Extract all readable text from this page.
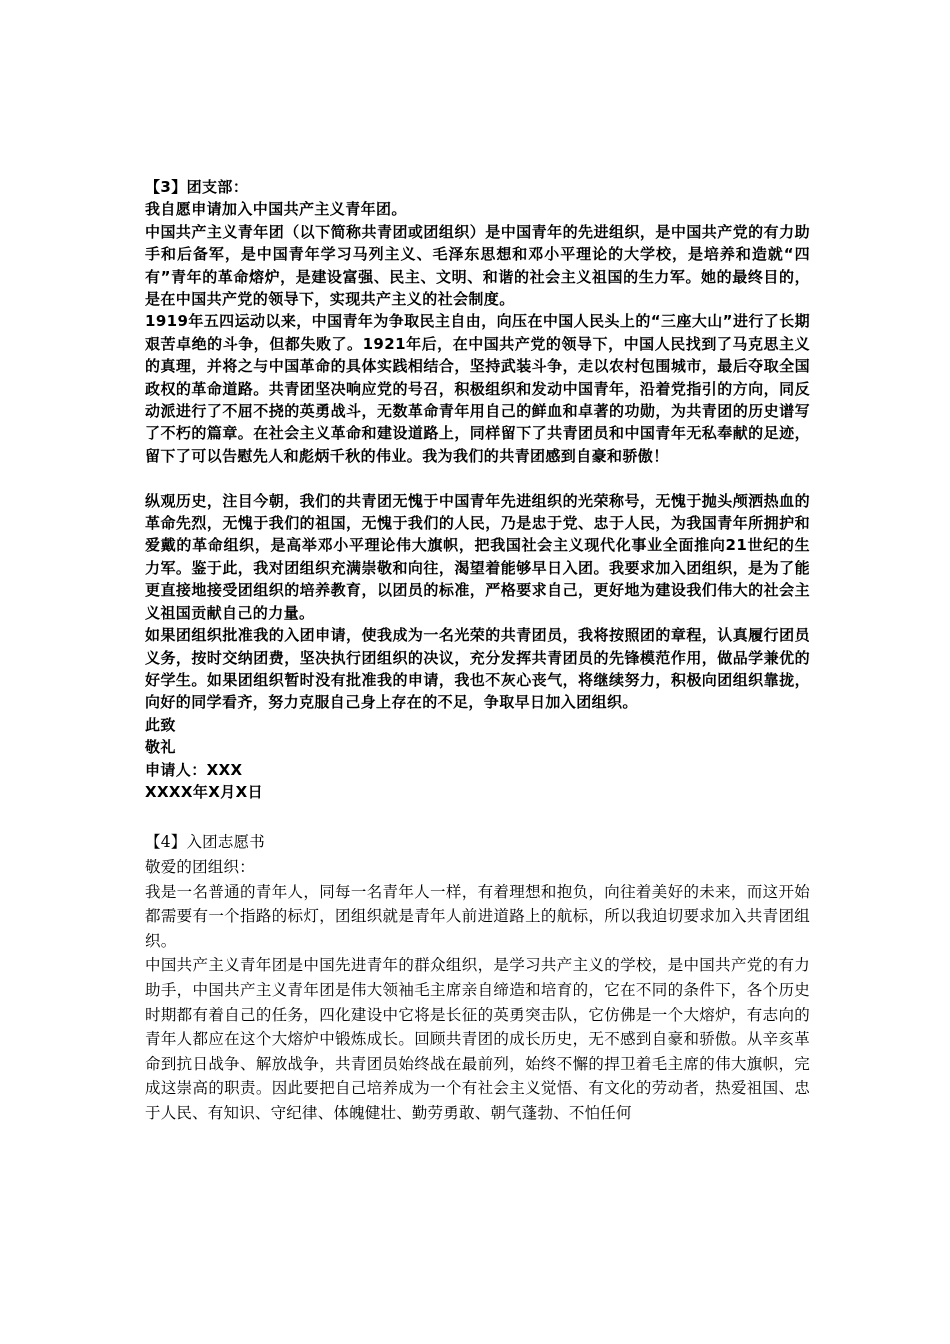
【3】团支部：

我自愿申请加入中国共产主义青年团。

中国共产主义青年团（以下简称共青团或团组织）是中国青年的先进组织，是中国共产党的有力助手和后备军，是中国青年学习马列主义、毛泽东思想和邓小平理论的大学校，是培养和造就“四有”青年的革命熔炉，是建设富强、民主、文明、和谐的社会主义祖国的生力军。她的最终目的，是在中国共产党的领导下，实现共产主义的社会制度。

1919年五四运动以来，中国青年为争取民主自由，向压在中国人民头上的“三座大山”进行了长期艰苦卓绝的斗争，但都失败了。1921年后，在中国共产党的领导下，中国人民找到了马克思主义的真理，并将之与中国革命的具体实践相结合，坚持武装斗争，走以农村包围城市，最后夺取全国政权的革命道路。共青团坚决响应党的号召，积极组织和发动中国青年，沿着党指引的方向，同反动派进行了不屈不挠的英勇战斗，无数革命青年用自己的鲜血和卓著的功勋，为共青团的历史谱写了不朽的篇章。在社会主义革命和建设道路上，同样留下了共青团员和中国青年无私奉献的足迹，留下了可以告慰先人和彪炳千秋的伟业。我为我们的共青团感到自豪和骄傲！

纵观历史，注目今朝，我们的共青团无愧于中国青年先进组织的光荣称号，无愧于抛头颅洒热血的革命先烈，无愧于我们的祖国，无愧于我们的人民，乃是忠于党、忠于人民，为我国青年所拥护和爱戴的革命组织，是高举邓小平理论伟大旗帜，把我国社会主义现代化事业全面推向21世纪的生力军。鉴于此，我对团组织充满崇敬和向往，渴望着能够早日入团。我要求加入团组织，是为了能更直接地接受团组织的培养教育，以团员的标准，严格要求自己，更好地为建设我们伟大的社会主义祖国贡献自己的力量。

如果团组织批准我的入团申请，使我成为一名光荣的共青团员，我将按照团的章程，认真履行团员义务，按时交纳团费，坚决执行团组织的决议，充分发挥共青团员的先锋模范作用，做品学兼优的好学生。如果团组织暂时没有批准我的申请，我也不灰心丧气，将继续努力，积极向团组织靠拢，向好的同学看齐，努力克服自己身上存在的不足，争取早日加入团组织。

此致

敬礼

申请人：XXX

XXXX年X月X日

【4】入团志愿书

敬爱的团组织：

我是一名普通的青年人，同每一名青年人一样，有着理想和抱负，向往着美好的未来，而这开始都需要有一个指路的标灯，团组织就是青年人前进道路上的航标，所以我迫切要求加入共青团组织。

中国共产主义青年团是中国先进青年的群众组织，是学习共产主义的学校，是中国共产党的有力助手，中国共产主义青年团是伟大领袖毛主席亲自缔造和培育的，它在不同的条件下，各个历史时期都有着自己的任务，四化建设中它将是长征的英勇突击队，它仿佛是一个大熔炉，有志向的青年人都应在这个大熔炉中锻炼成长。回顾共青团的成长历史，无不感到自豪和骄傲。从辛亥革命到抗日战争、解放战争，共青团员始终战在最前列，始终不懈的捍卫着毛主席的伟大旗帜，完成这崇高的职责。因此要把自己培养成为一个有社会主义觉悟、有文化的劳动者，热爱祖国、忠于人民、有知识、守纪律、体魄健壮、勤劳勇敢、朝气蓬勃、不怕任何
